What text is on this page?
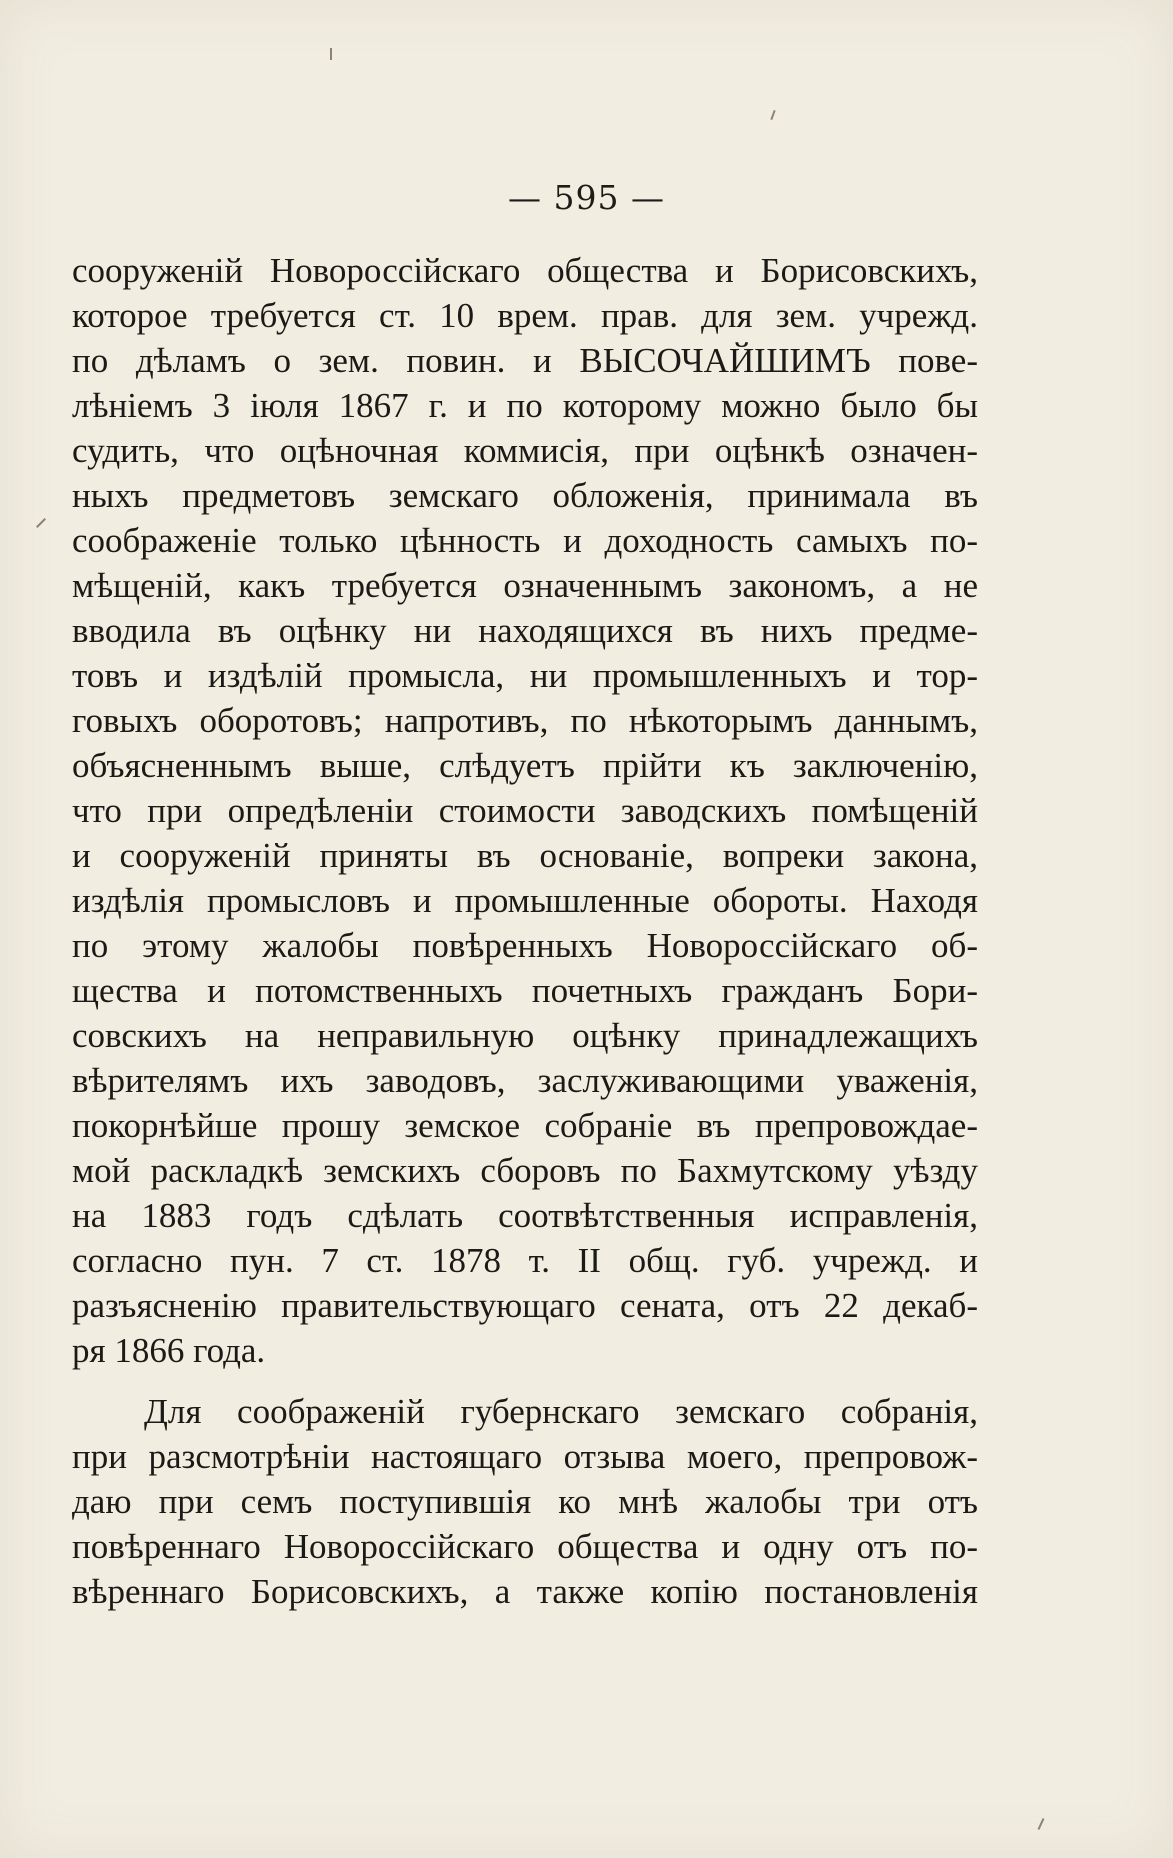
— 595 —
сооруженій Новороссійскаго общества и Борисовскихъ,
которое требуется ст. 10 врем. прав. для зем. учрежд.
по дѣламъ о зем. повин. и ВЫСОЧАЙШИМЪ пове-
лѣніемъ 3 іюля 1867 г. и по которому можно было бы
судить, что оцѣночная коммисія, при оцѣнкѣ означен-
ныхъ предметовъ земскаго обложенія, принимала въ
соображеніе только цѣнность и доходность самыхъ по-
мѣщеній, какъ требуется означеннымъ закономъ, а не
вводила въ оцѣнку ни находящихся въ нихъ предме-
товъ и издѣлій промысла, ни промышленныхъ и тор-
говыхъ оборотовъ; напротивъ, по нѣкоторымъ даннымъ,
объясненнымъ выше, слѣдуетъ прійти къ заключенію,
что при опредѣленіи стоимости заводскихъ помѣщеній
и сооруженій приняты въ основаніе, вопреки закона,
издѣлія промысловъ и промышленные обороты. Находя
по этому жалобы повѣренныхъ Новороссійскаго об-
щества и потомственныхъ почетныхъ гражданъ Бори-
совскихъ на неправильную оцѣнку принадлежащихъ
вѣрителямъ ихъ заводовъ, заслуживающими уваженія,
покорнѣйше прошу земское собраніе въ препровождае-
мой раскладкѣ земскихъ сборовъ по Бахмутскому уѣзду
на 1883 годъ сдѣлать соотвѣтственныя исправленія,
согласно пун. 7 ст. 1878 т. II общ. губ. учрежд. и
разъясненію правительствующаго сената, отъ 22 декаб-
ря 1866 года.
Для соображеній губернскаго земскаго собранія,
при разсмотрѣніи настоящаго отзыва моего, препровож-
даю при семъ поступившія ко мнѣ жалобы три отъ
повѣреннаго Новороссійскаго общества и одну отъ по-
вѣреннаго Борисовскихъ, а также копію постановленія
